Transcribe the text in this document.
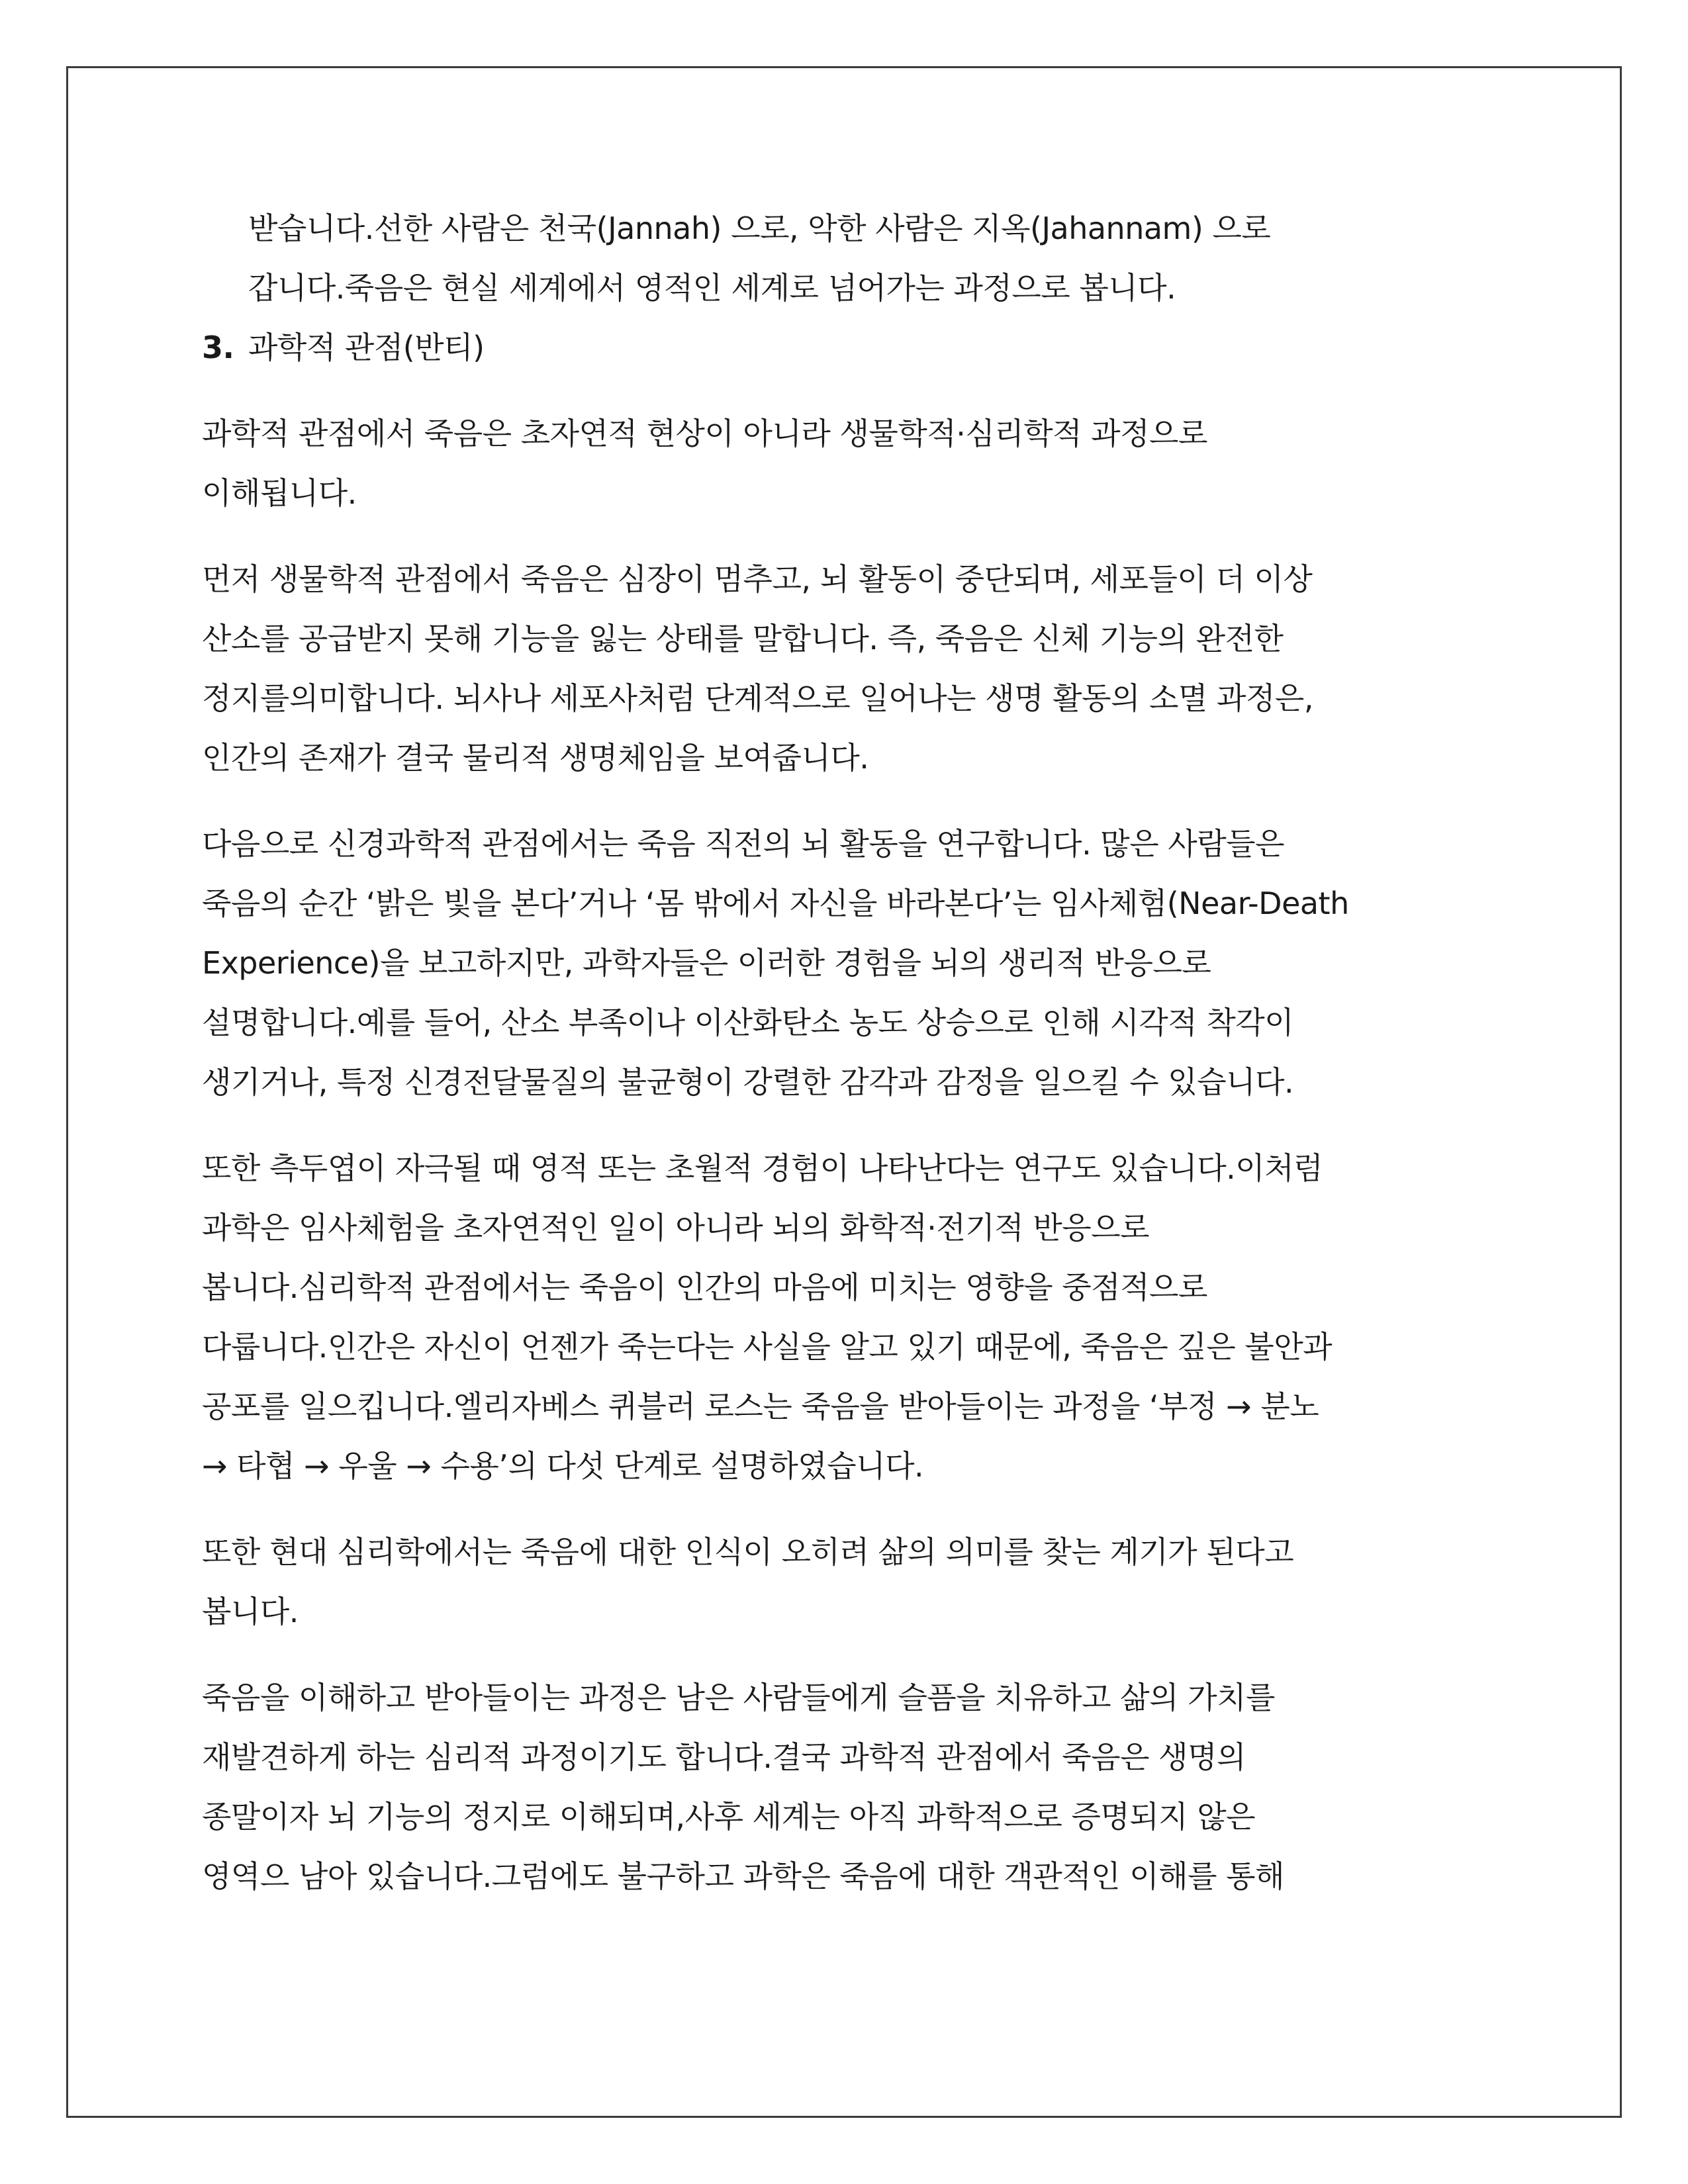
받습니다.선한 사람은 천국(Jannah) 으로, 악한 사람은 지옥(Jahannam) 으로
갑니다.죽음은 현실 세계에서 영적인 세계로 넘어가는 과정으로 봅니다.
3. 과학적 관점(반티)
과학적 관점에서 죽음은 초자연적 현상이 아니라 생물학적·심리학적 과정으로
이해됩니다.
먼저 생물학적 관점에서 죽음은 심장이 멈추고, 뇌 활동이 중단되며, 세포들이 더 이상
산소를 공급받지 못해 기능을 잃는 상태를 말합니다. 즉, 죽음은 신체 기능의 완전한
정지를의미합니다. 뇌사나 세포사처럼 단계적으로 일어나는 생명 활동의 소멸 과정은,
인간의 존재가 결국 물리적 생명체임을 보여줍니다.
다음으로 신경과학적 관점에서는 죽음 직전의 뇌 활동을 연구합니다. 많은 사람들은
죽음의 순간 ‘밝은 빛을 본다’거나 ‘몸 밖에서 자신을 바라본다’는 임사체험(Near-Death
Experience)을 보고하지만, 과학자들은 이러한 경험을 뇌의 생리적 반응으로
설명합니다.예를 들어, 산소 부족이나 이산화탄소 농도 상승으로 인해 시각적 착각이
생기거나, 특정 신경전달물질의 불균형이 강렬한 감각과 감정을 일으킬 수 있습니다.
또한 측두엽이 자극될 때 영적 또는 초월적 경험이 나타난다는 연구도 있습니다.이처럼
과학은 임사체험을 초자연적인 일이 아니라 뇌의 화학적·전기적 반응으로
봅니다.심리학적 관점에서는 죽음이 인간의 마음에 미치는 영향을 중점적으로
다룹니다.인간은 자신이 언젠가 죽는다는 사실을 알고 있기 때문에, 죽음은 깊은 불안과
공포를 일으킵니다.엘리자베스 퀴블러 로스는 죽음을 받아들이는 과정을 ‘부정 → 분노
→ 타협 → 우울 → 수용’의 다섯 단계로 설명하였습니다.
또한 현대 심리학에서는 죽음에 대한 인식이 오히려 삶의 의미를 찾는 계기가 된다고
봅니다.
죽음을 이해하고 받아들이는 과정은 남은 사람들에게 슬픔을 치유하고 삶의 가치를
재발견하게 하는 심리적 과정이기도 합니다.결국 과학적 관점에서 죽음은 생명의
종말이자 뇌 기능의 정지로 이해되며,사후 세계는 아직 과학적으로 증명되지 않은
영역으 남아 있습니다.그럼에도 불구하고 과학은 죽음에 대한 객관적인 이해를 통해
